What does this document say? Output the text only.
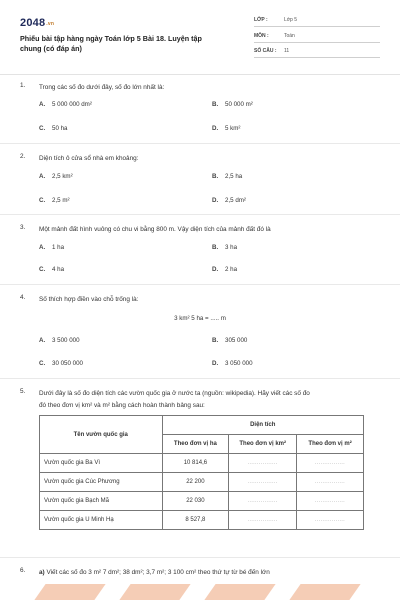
$2048^{.vn}$
Phiếu bài tập hàng ngày Toán lớp 5 Bài 18. Luyện tập chung (có đáp án)
LỚP :	Lớp 5
MÔN :	Toán
SỐ CÂU : 11
1. Trong các số đo dưới đây, số đo lớn nhất là:
A. 5 000 000 dm²	B. 50 000 m²
C. 50 ha	D. 5 km²
2. Diện tích ô cửa sổ nhà em khoảng:
A. 2,5 km²	B. 2,5 ha
C. 2,5 m²	D. 2,5 dm²
3. Một mảnh đất hình vuông có chu vi bằng 800 m. Vậy diện tích của mảnh đất đó là
A. 1 ha	B. 3 ha
C. 4 ha	D. 2 ha
4. Số thích hợp điền vào chỗ trống là:
3 km² 5 ha = ..... m
A. 3 500 000	B. 305 000
C. 30 050 000	D. 3 050 000
5. Dưới đây là số đo diện tích các vườn quốc gia ở nước ta (nguồn: wikipedia). Hãy viết các số đo
đó theo đơn vị km² và m² bằng cách hoàn thành bảng sau:
Tên vườn quốc gia	Diện tích		
	Theo đơn vị ha	Theo đơn vị km²	Theo đơn vị m²
Vườn quốc gia Ba Vì	10 814,6	................	................
Vườn quốc gia Cúc Phương	22 200	................	................
Vườn quốc gia Bạch Mã	22 030	................	................
Vườn quốc gia U Minh Hạ	8 527,8	................	................
6. a) Viết các số đo 3 m² 7 dm²; 38 dm²; 3,7 m²; 3 100 cm² theo thứ tự từ bé đến lớn
